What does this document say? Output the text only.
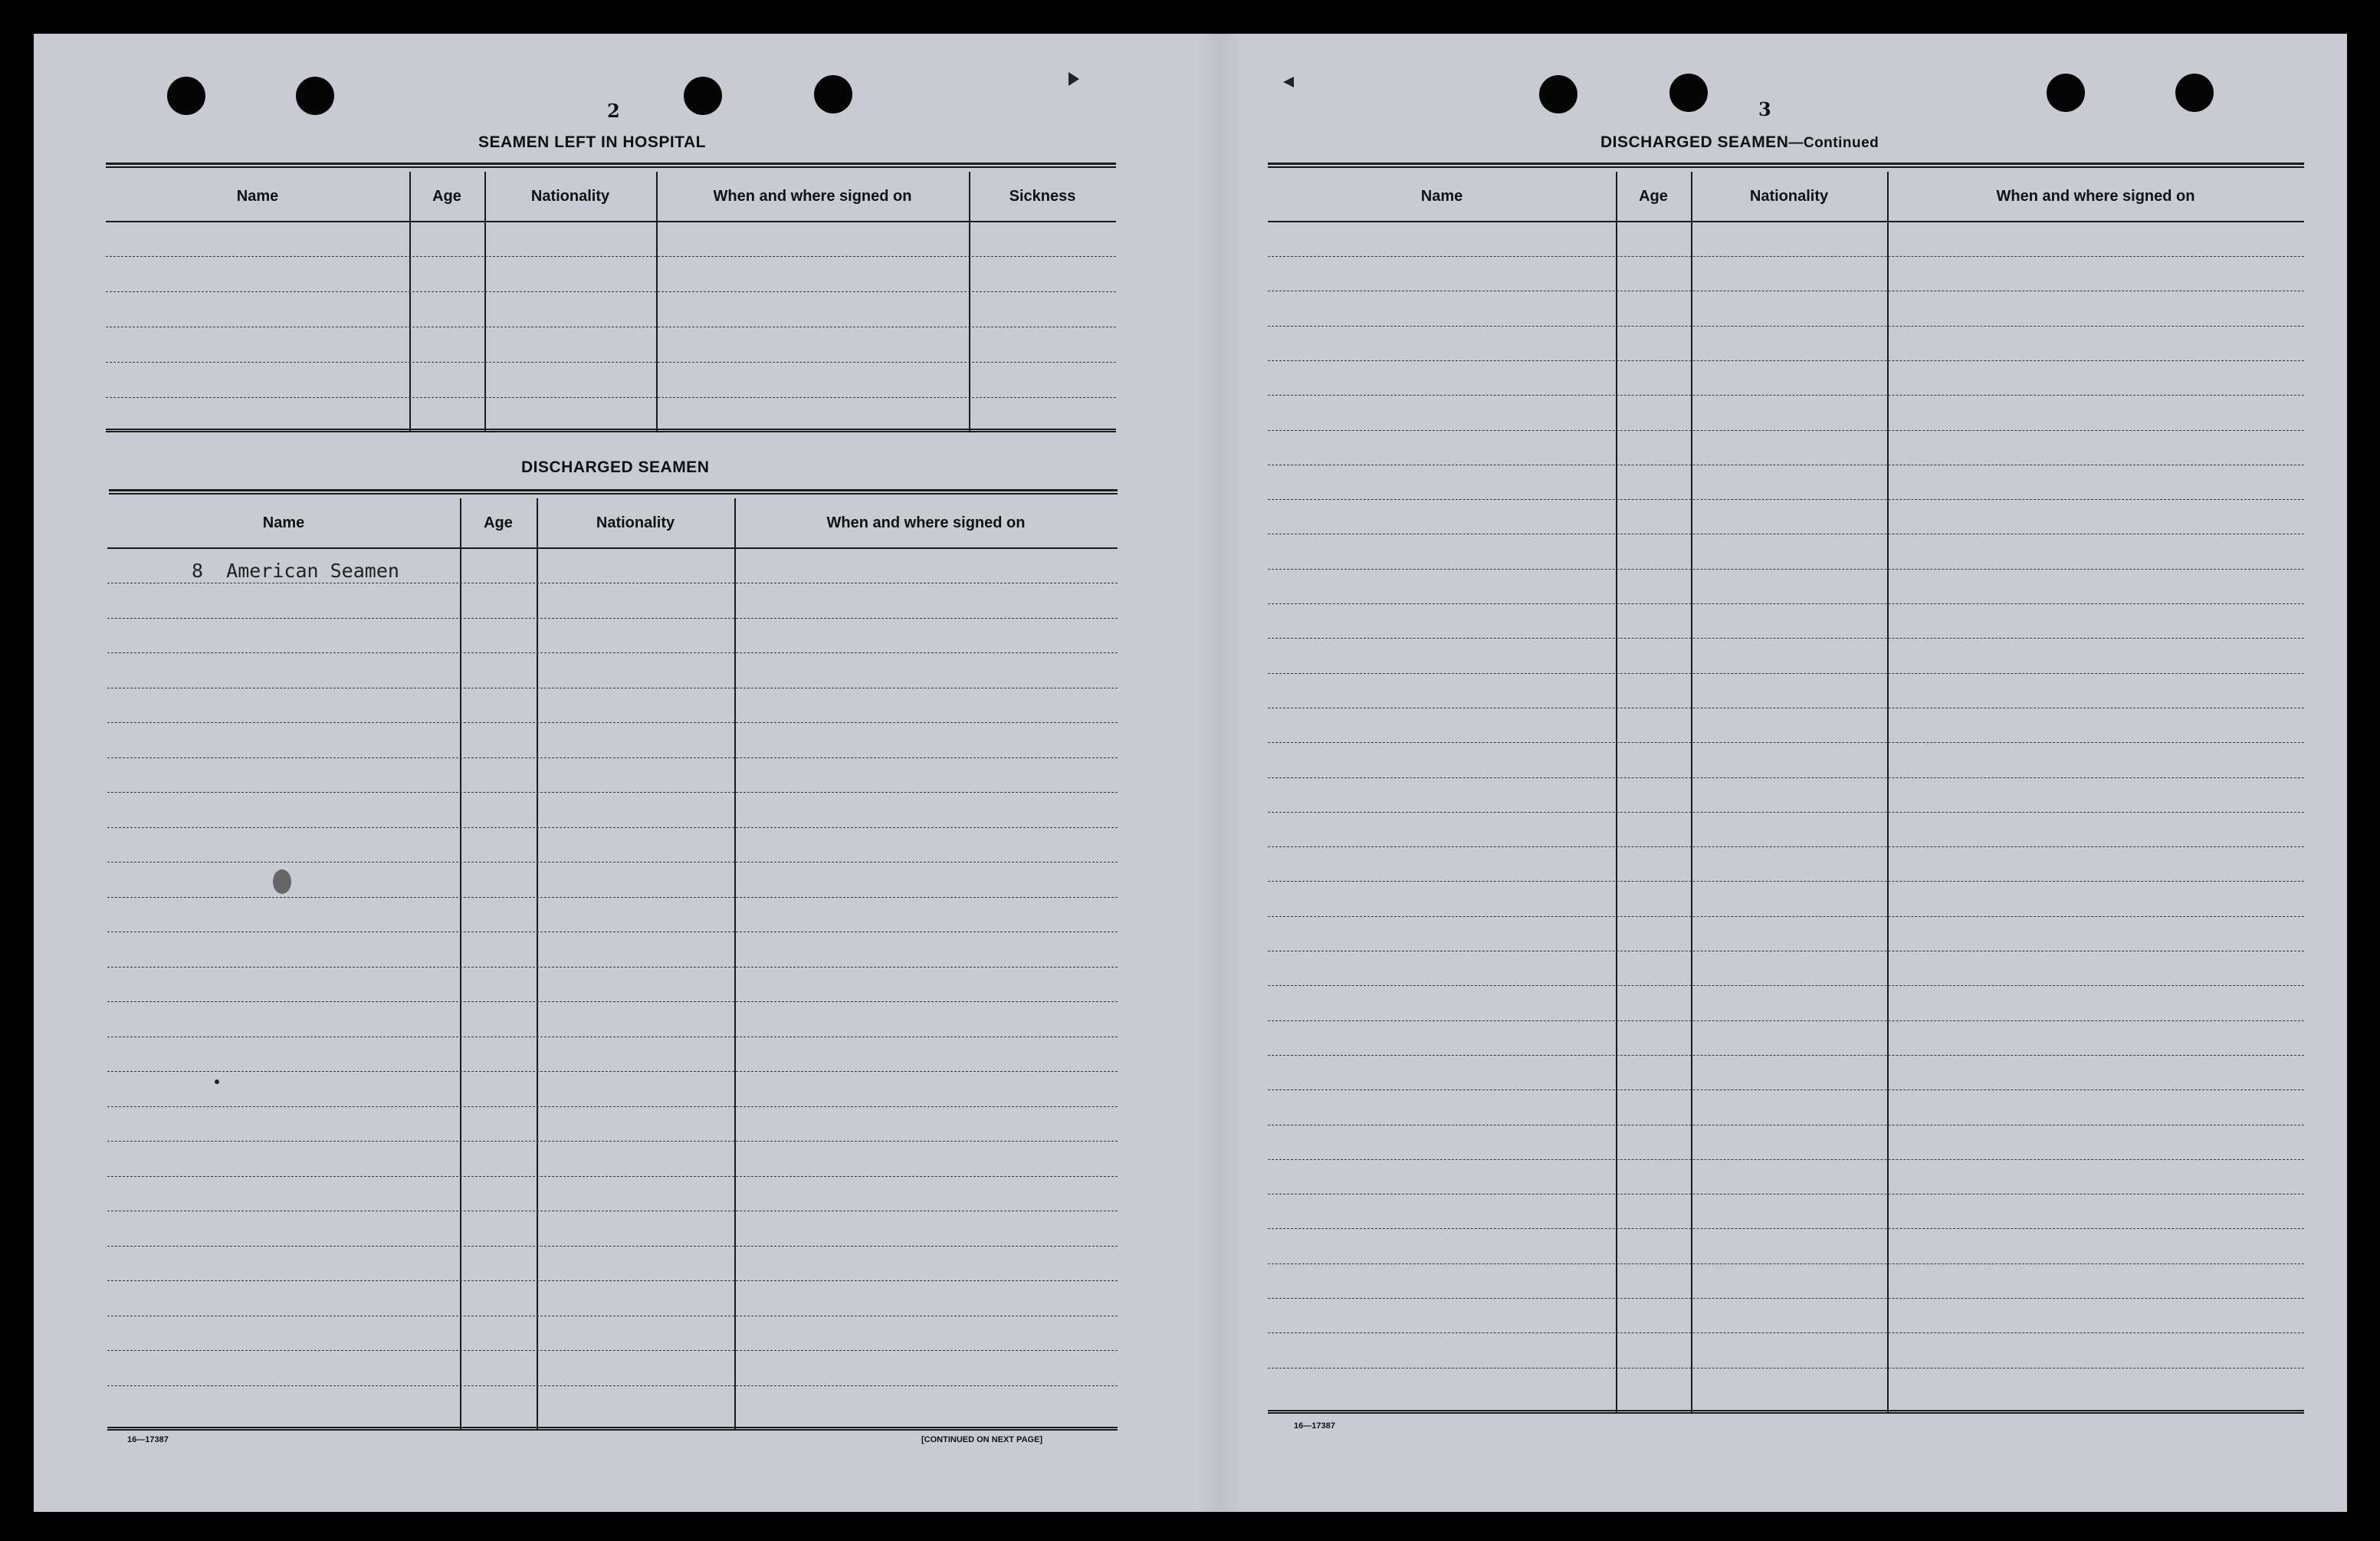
2
SEAMEN LEFT IN HOSPITAL
Name	Age	Nationality	When and where signed on	Sickness
DISCHARGED SEAMEN
Name	Age	Nationality	When and where signed on
8  American Seamen
16—17387	[CONTINUED ON NEXT PAGE]
3
DISCHARGED SEAMEN—Continued
Name	Age	Nationality	When and where signed on
16—17387
